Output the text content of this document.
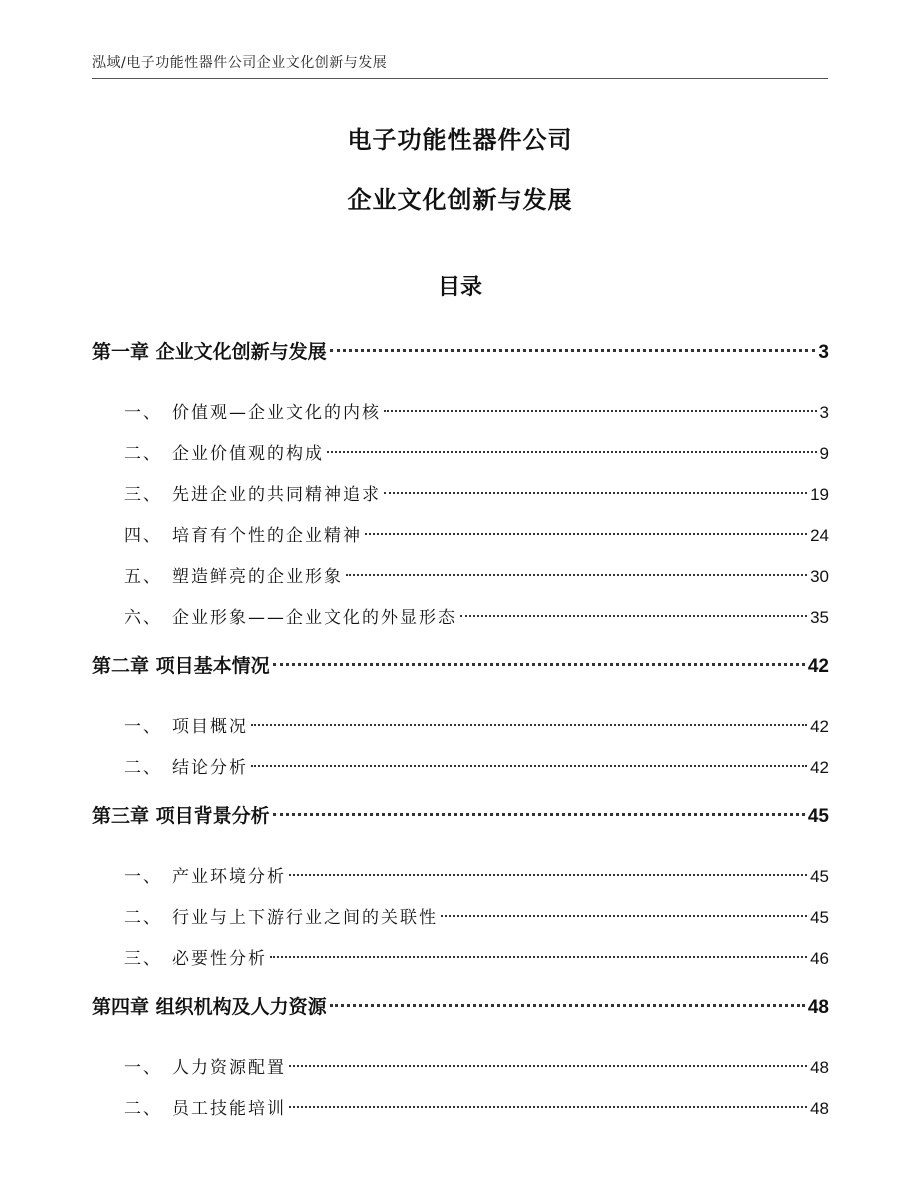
泓域/电子功能性器件公司企业文化创新与发展
电子功能性器件公司
企业文化创新与发展
目录
第一章 企业文化创新与发展	3
一、 价值观—企业文化的内核	3
二、 企业价值观的构成	9
三、 先进企业的共同精神追求	19
四、 培育有个性的企业精神	24
五、 塑造鲜亮的企业形象	30
六、 企业形象——企业文化的外显形态	35
第二章 项目基本情况	42
一、 项目概况	42
二、 结论分析	42
第三章 项目背景分析	45
一、 产业环境分析	45
二、 行业与上下游行业之间的关联性	45
三、 必要性分析	46
第四章 组织机构及人力资源	48
一、 人力资源配置	48
二、 员工技能培训	48
